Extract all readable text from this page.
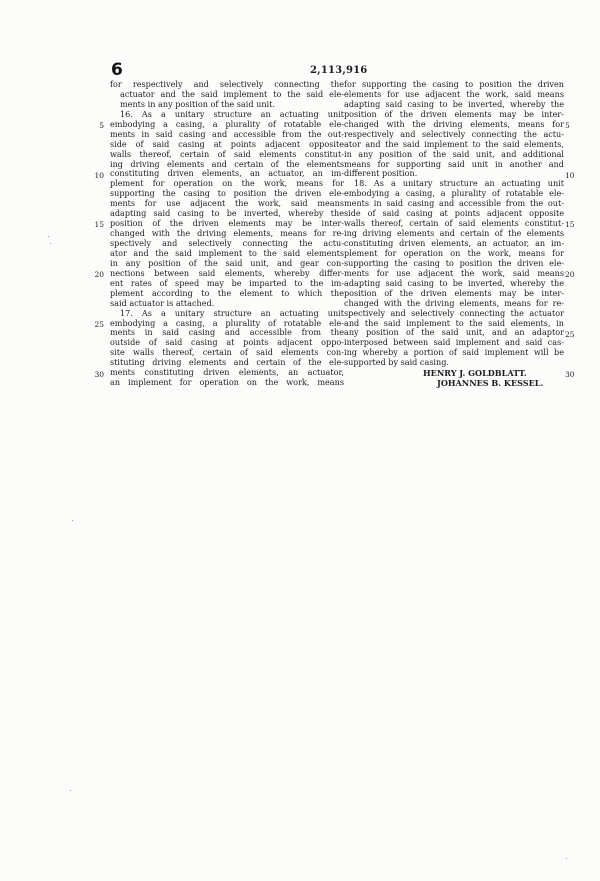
6	2,113,916
for respectively and selectively connecting the
actuator and the said implement to the said ele-
ments in any position of the said unit.
16. As a unitary structure an actuating unit
embodying a casing, a plurality of rotatable ele-
ments in said casing and accessible from the out-
side of said casing at points adjacent opposite
walls thereof, certain of said elements constitut-
ing driving elements and certain of the elements
constituting driven elements, an actuator, an im-
plement for operation on the work, means for
supporting the casing to position the driven ele-
ments for use adjacent the work, said means
adapting said casing to be inverted, whereby the
position of the driven elements may be inter-
changed with the driving elements, means for re-
spectively and selectively connecting the actu-
ator and the said implement to the said elements
in any position of the said unit, and gear con-
nections between said elements, whereby differ-
ent rates of speed may be imparted to the im-
plement according to the element to which the
said actuator is attached.
17. As a unitary structure an actuating unit
embodying a casing, a plurality of rotatable ele-
ments in said casing and accessible from the
outside of said casing at points adjacent oppo-
site walls thereof, certain of said elements con-
stituting driving elements and certain of the ele-
ments constituting driven elements, an actuator,
an implement for operation on the work, means
for supporting the casing to position the driven
elements for use adjacent the work, said means
adapting said casing to be inverted, whereby the
position of the driven elements may be inter-
changed with the driving elements, means for
respectively and selectively connecting the actu-
ator and the said implement to the said elements,
in any position of the said unit, and additional
means for supporting said unit in another and
different position.
18. As a unitary structure an actuating unit
embodying a casing, a plurality of rotatable ele-
ments in said casing and accessible from the out-
side of said casing at points adjacent opposite
walls thereof, certain of said elements constitut-
ing driving elements and certain of the elements
constituting driven elements, an actuator, an im-
plement for operation on the work, means for
supporting the casing to position the driven ele-
ments for use adjacent the work, said means
adapting said casing to be inverted, whereby the
position of the driven elements may be inter-
changed with the driving elements, means for re-
spectively and selectively connecting the actuator
and the said implement to the said elements, in
any position of the said unit, and an adaptor
interposed between said implement and said cas-
ing whereby a portion of said implement will be
supported by said casing.
5	5
10	10
15	15
20	20
25
25
30	30
HENRY J. GOLDBLATT.
JOHANNES B. KESSEL.
